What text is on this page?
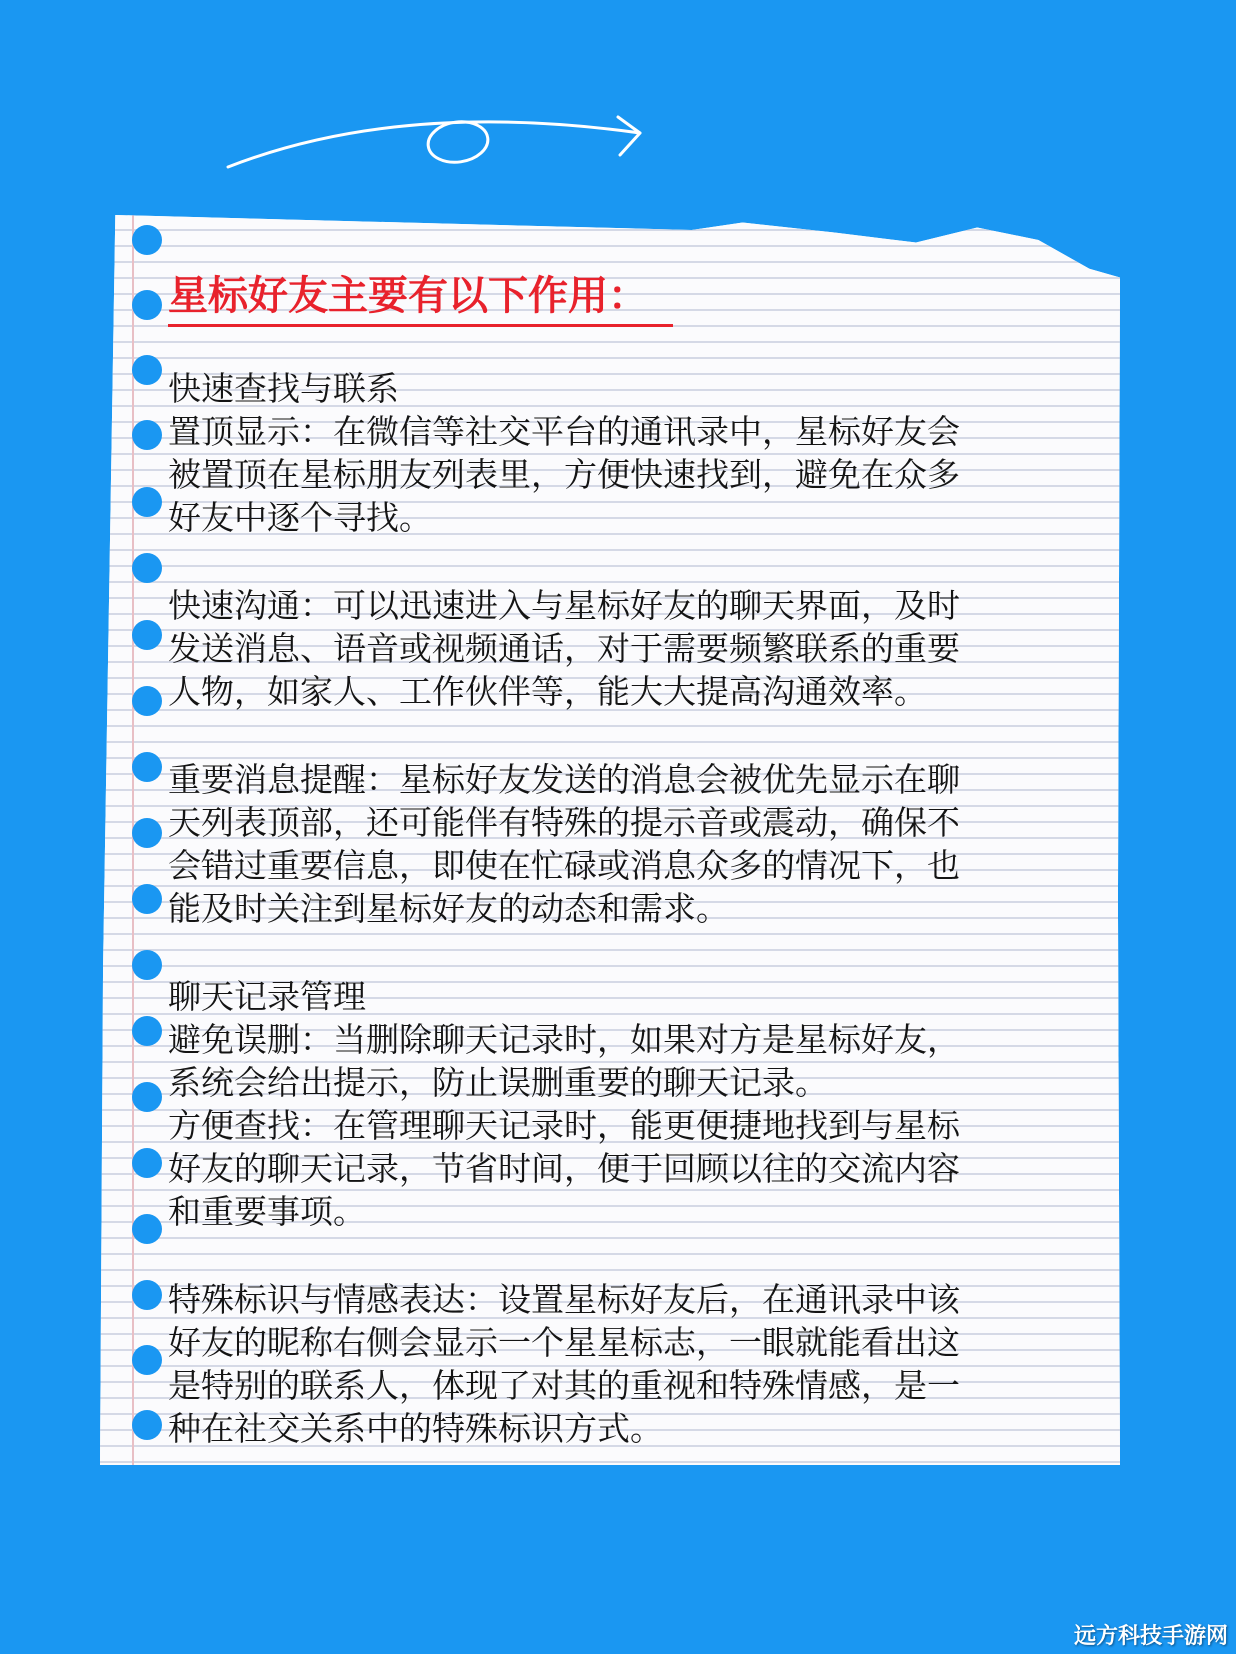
星标好友主要有以下作用：

快速查找与联系

置顶显示：在微信等社交平台的通讯录中，星标好友会

被置顶在星标朋友列表里，方便快速找到，避免在众多

好友中逐个寻找。

快速沟通：可以迅速进入与星标好友的聊天界面，及时

发送消息、语音或视频通话，对于需要频繁联系的重要

人物，如家人、工作伙伴等，能大大提高沟通效率。

重要消息提醒：星标好友发送的消息会被优先显示在聊

天列表顶部，还可能伴有特殊的提示音或震动，确保不

会错过重要信息，即使在忙碌或消息众多的情况下，也

能及时关注到星标好友的动态和需求。

聊天记录管理

避免误删：当删除聊天记录时，如果对方是星标好友，

系统会给出提示，防止误删重要的聊天记录。

方便查找：在管理聊天记录时，能更便捷地找到与星标

好友的聊天记录，节省时间，便于回顾以往的交流内容

和重要事项。

特殊标识与情感表达：设置星标好友后，在通讯录中该

好友的昵称右侧会显示一个星星标志，一眼就能看出这

是特别的联系人，体现了对其的重视和特殊情感，是一

种在社交关系中的特殊标识方式。

远方科技手游网
